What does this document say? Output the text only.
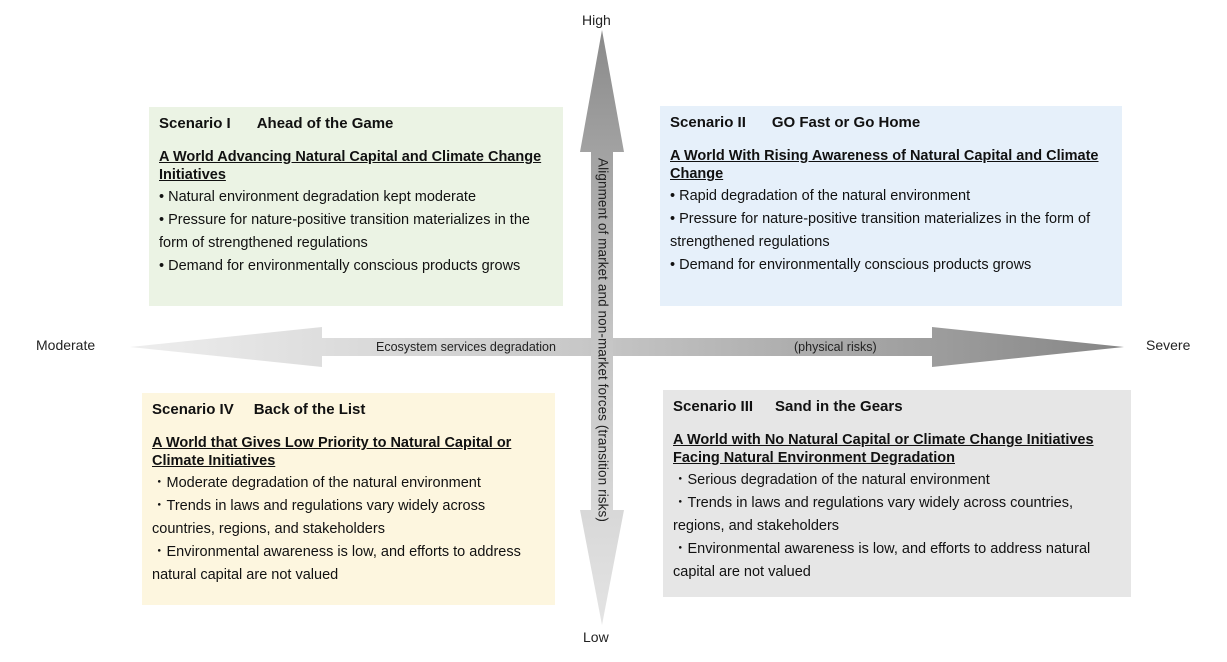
High
Low
Moderate	Severe
Ecosystem services degradation	(physical risks)
Alignment of market and non-market forces (transition risks)
Scenario I Ahead of the Game
A World Advancing Natural Capital and Climate Change Initiatives
• Natural environment degradation kept moderate
• Pressure for nature-positive transition materializes in the form of strengthened regulations
• Demand for environmentally conscious products grows
Scenario II GO Fast or Go Home
A World With Rising Awareness of Natural Capital and Climate Change
• Rapid degradation of the natural environment
• Pressure for nature-positive transition materializes in the form of strengthened regulations
• Demand for environmentally conscious products grows
Scenario IV Back of the List
A World that Gives Low Priority to Natural Capital or Climate Initiatives
・Moderate degradation of the natural environment
・Trends in laws and regulations vary widely across countries, regions, and stakeholders
・Environmental awareness is low, and efforts to address natural capital are not valued
Scenario III Sand in the Gears
A World with No Natural Capital or Climate Change Initiatives Facing Natural Environment Degradation
・Serious degradation of the natural environment
・Trends in laws and regulations vary widely across countries, regions, and stakeholders
・Environmental awareness is low, and efforts to address natural capital are not valued
